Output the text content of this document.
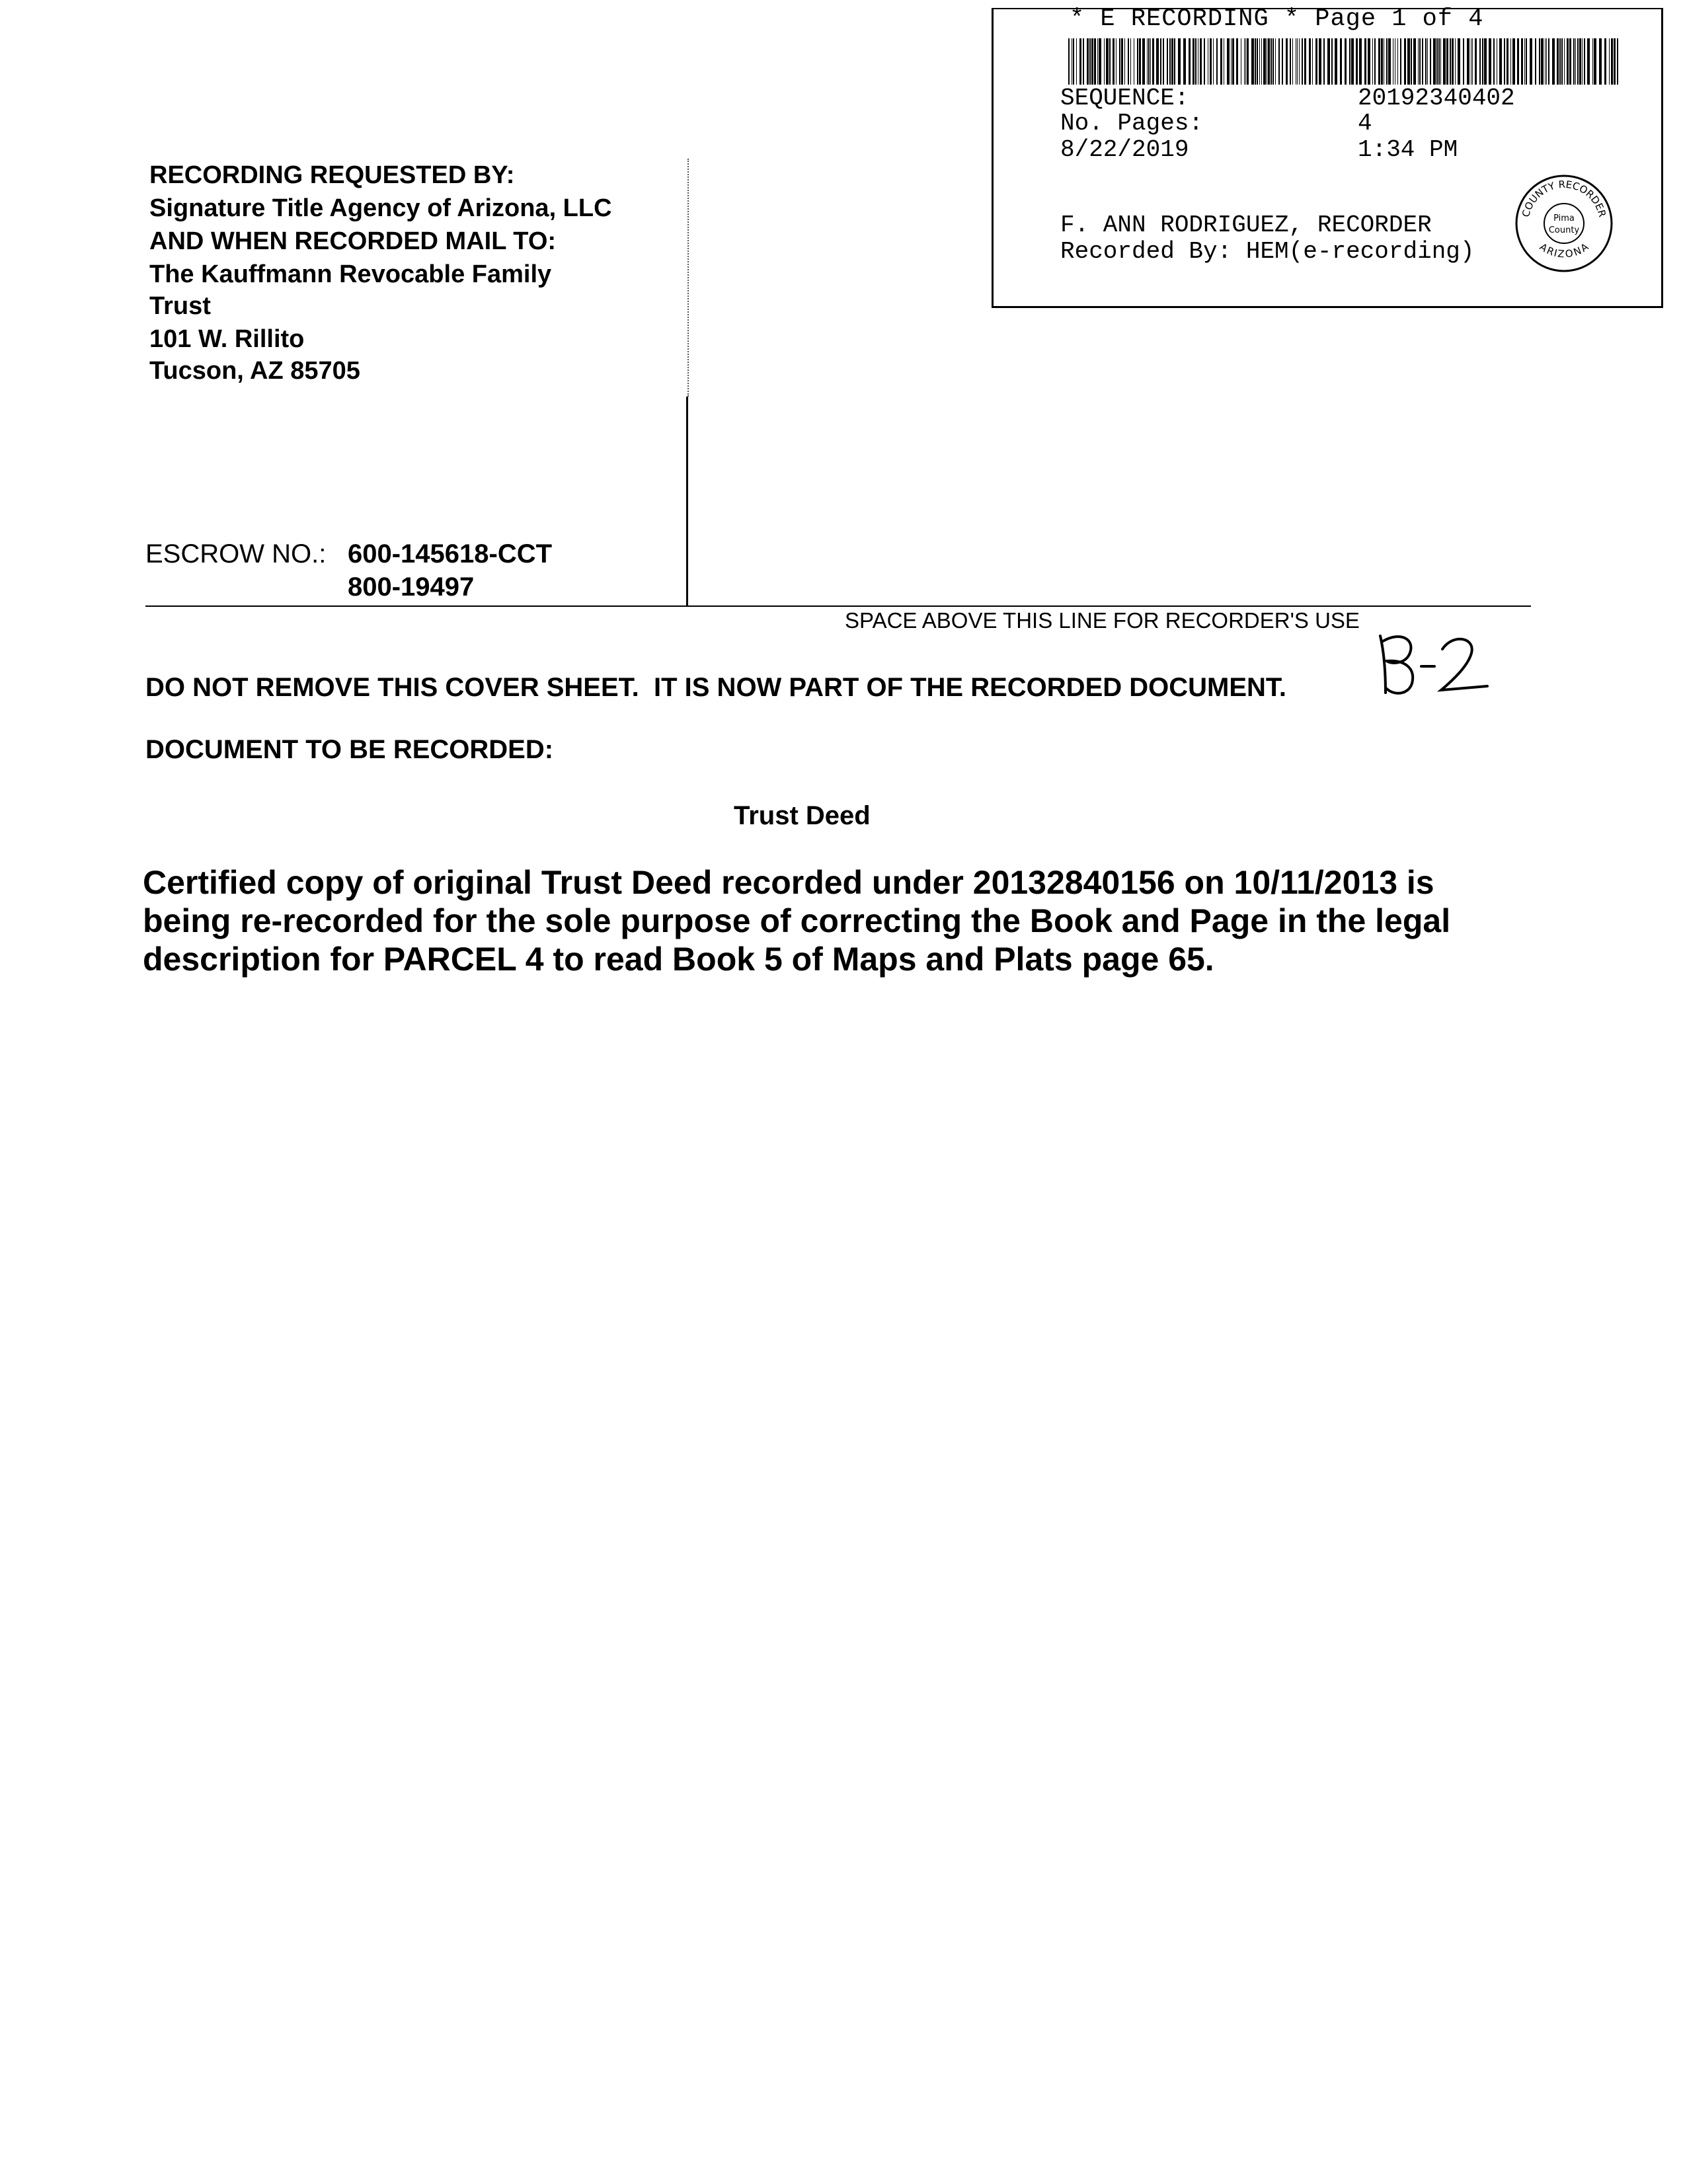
* E RECORDING * Page 1 of 4
SEQUENCE:	20192340402
No. Pages:	4
8/22/2019	1:34 PM
F. ANN RODRIGUEZ, RECORDER
Recorded By: HEM(e-recording)
COUNTY RECORDER
ARIZONA
Pima
County
RECORDING REQUESTED BY:
Signature Title Agency of Arizona, LLC
AND WHEN RECORDED MAIL TO:
The Kauffmann Revocable Family
Trust
101 W. Rillito
Tucson, AZ 85705
ESCROW NO.: 600-145618-CCT
800-19497
SPACE ABOVE THIS LINE FOR RECORDER'S USE
DO NOT REMOVE THIS COVER SHEET.  IT IS NOW PART OF THE RECORDED DOCUMENT.
DOCUMENT TO BE RECORDED:
Trust Deed
Certified copy of original Trust Deed recorded under 20132840156 on 10/11/2013 is
being re-recorded for the sole purpose of correcting the Book and Page in the legal
description for PARCEL 4 to read Book 5 of Maps and Plats page 65.
